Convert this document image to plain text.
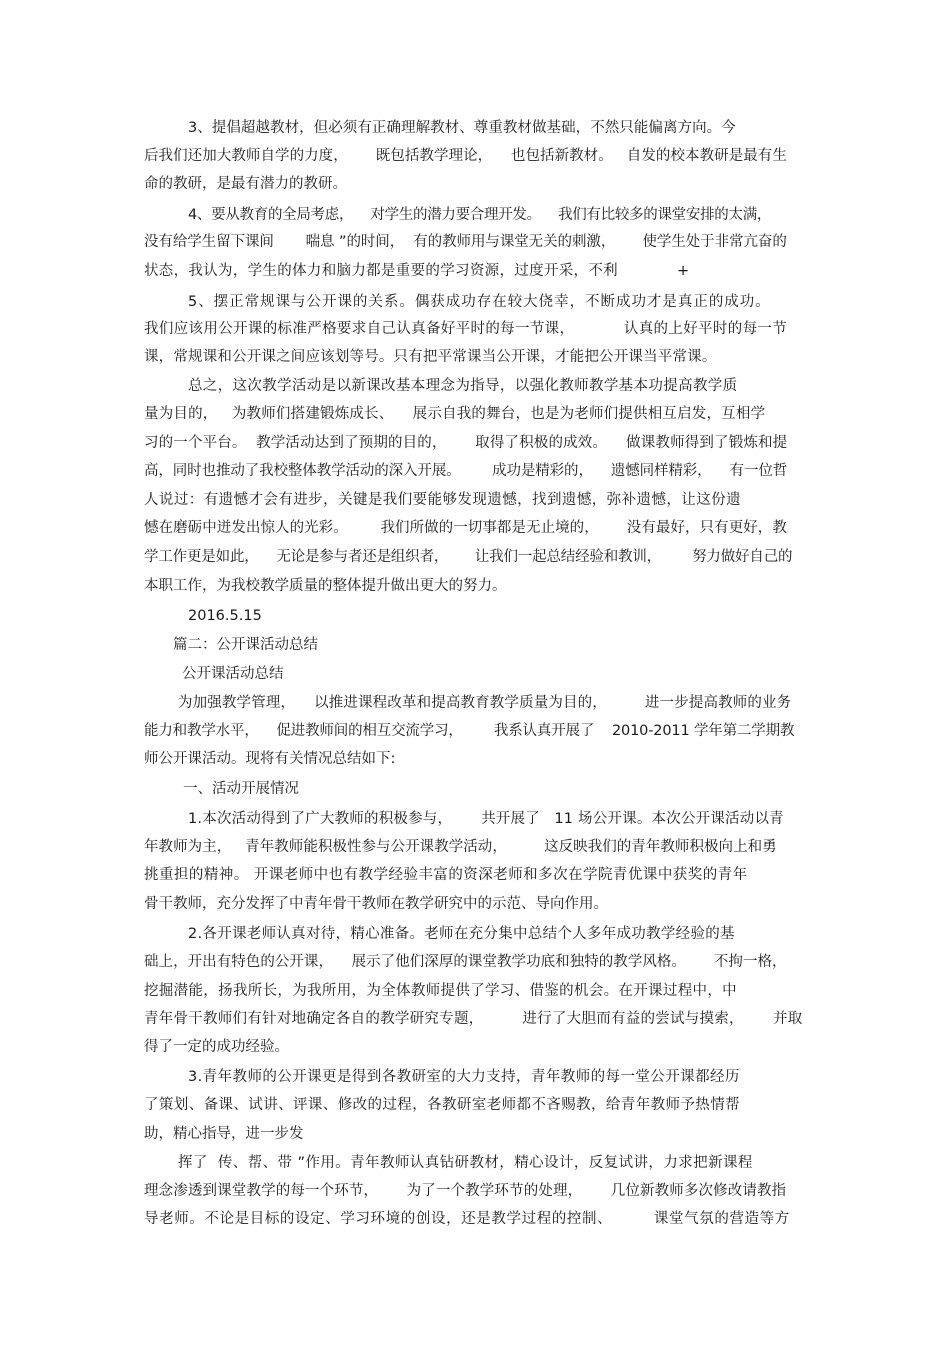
3、提倡超越教材，但必须有正确理解教材、尊重教材做基础，不然只能偏离方向。今
后我们还加大教师自学的力度，      既包括教学理论，    也包括新教材。   自发的校本教研是最有生
命的教研，是最有潜力的教研。
4、要从教育的全局考虑，    对学生的潜力要合理开发。    我们有比较多的课堂安排的太满，
没有给学生留下课间       喘息 ”的时间，  有的教师用与课堂无关的刺激，      使学生处于非常亢奋的
状态，我认为，学生的体力和脑力都是重要的学习资源，过度开采，不利            +
5、摆正常规课与公开课的关系。偶获成功存在较大侥幸，不断成功才是真正的成功。
我们应该用公开课的标准严格要求自己认真备好平时的每一节课，          认真的上好平时的每一节
课，常规课和公开课之间应该划等号。只有把平常课当公开课，才能把公开课当平常课。
总之，这次教学活动是以新课改基本理念为指导，以强化教师教学基本功提高教学质
量为目的，   为教师们搭建锻炼成长、    展示自我的舞台，也是为老师们提供相互启发，互相学
习的一个平台。  教学活动达到了预期的目的，      取得了积极的成效。    做课教师得到了锻炼和提
高，同时也推动了我校整体教学活动的深入开展。       成功是精彩的，    遗憾同样精彩，    有一位哲
人说过：有遗憾才会有进步，关键是我们要能够发现遗憾，找到遗憾，弥补遗憾，让这份遗
憾在磨砺中迸发出惊人的光彩。       我们所做的一切事都是无止境的，      没有最好，只有更好，教
学工作更是如此，    无论是参与者还是组织者，      让我们一起总结经验和教训，       努力做好自己的
本职工作，为我校教学质量的整体提升做出更大的努力。
2016.5.15
篇二：公开课活动总结
公开课活动总结
为加强教学管理，    以推进课程改革和提高教育教学质量为目的，        进一步提高教师的业务
能力和教学水平，    促进教师间的相互交流学习，       我系认真开展了    2010-2011 学年第二学期教
师公开课活动。现将有关情况总结如下:
一、活动开展情况
1.本次活动得到了广大教师的积极参与，      共开展了   11 场公开课。本次公开课活动以青
年教师为主，   青年教师能积极性参与公开课教学活动，        这反映我们的青年教师积极向上和勇
挑重担的精神。 开课老师中也有教学经验丰富的资深老师和多次在学院青优课中获奖的青年
骨干教师，充分发挥了中青年骨干教师在教学研究中的示范、导向作用。
2.各开课老师认真对待，精心准备。老师在充分集中总结个人多年成功教学经验的基
础上，开出有特色的公开课，    展示了他们深厚的课堂教学功底和独特的教学风格。      不拘一格，
挖掘潜能，扬我所长，为我所用，为全体教师提供了学习、借鉴的机会。在开课过程中，中
青年骨干教师们有针对地确定各自的教学研究专题，        进行了大胆而有益的尝试与摸索，      并取
得了一定的成功经验。
3.青年教师的公开课更是得到各教研室的大力支持，青年教师的每一堂公开课都经历
了策划、备课、试讲、评课、修改的过程，各教研室老师都不吝赐教，给青年教师予热情帮
助，精心指导，进一步发
挥了  传、帮、带 ”作用。青年教师认真钻研教材，精心设计，反复试讲，力求把新课程
理念渗透到课堂教学的每一个环节，      为了一个教学环节的处理，      几位新教师多次修改请教指
导老师。不论是目标的设定、学习环境的创设，还是教学过程的控制、        课堂气氛的营造等方
